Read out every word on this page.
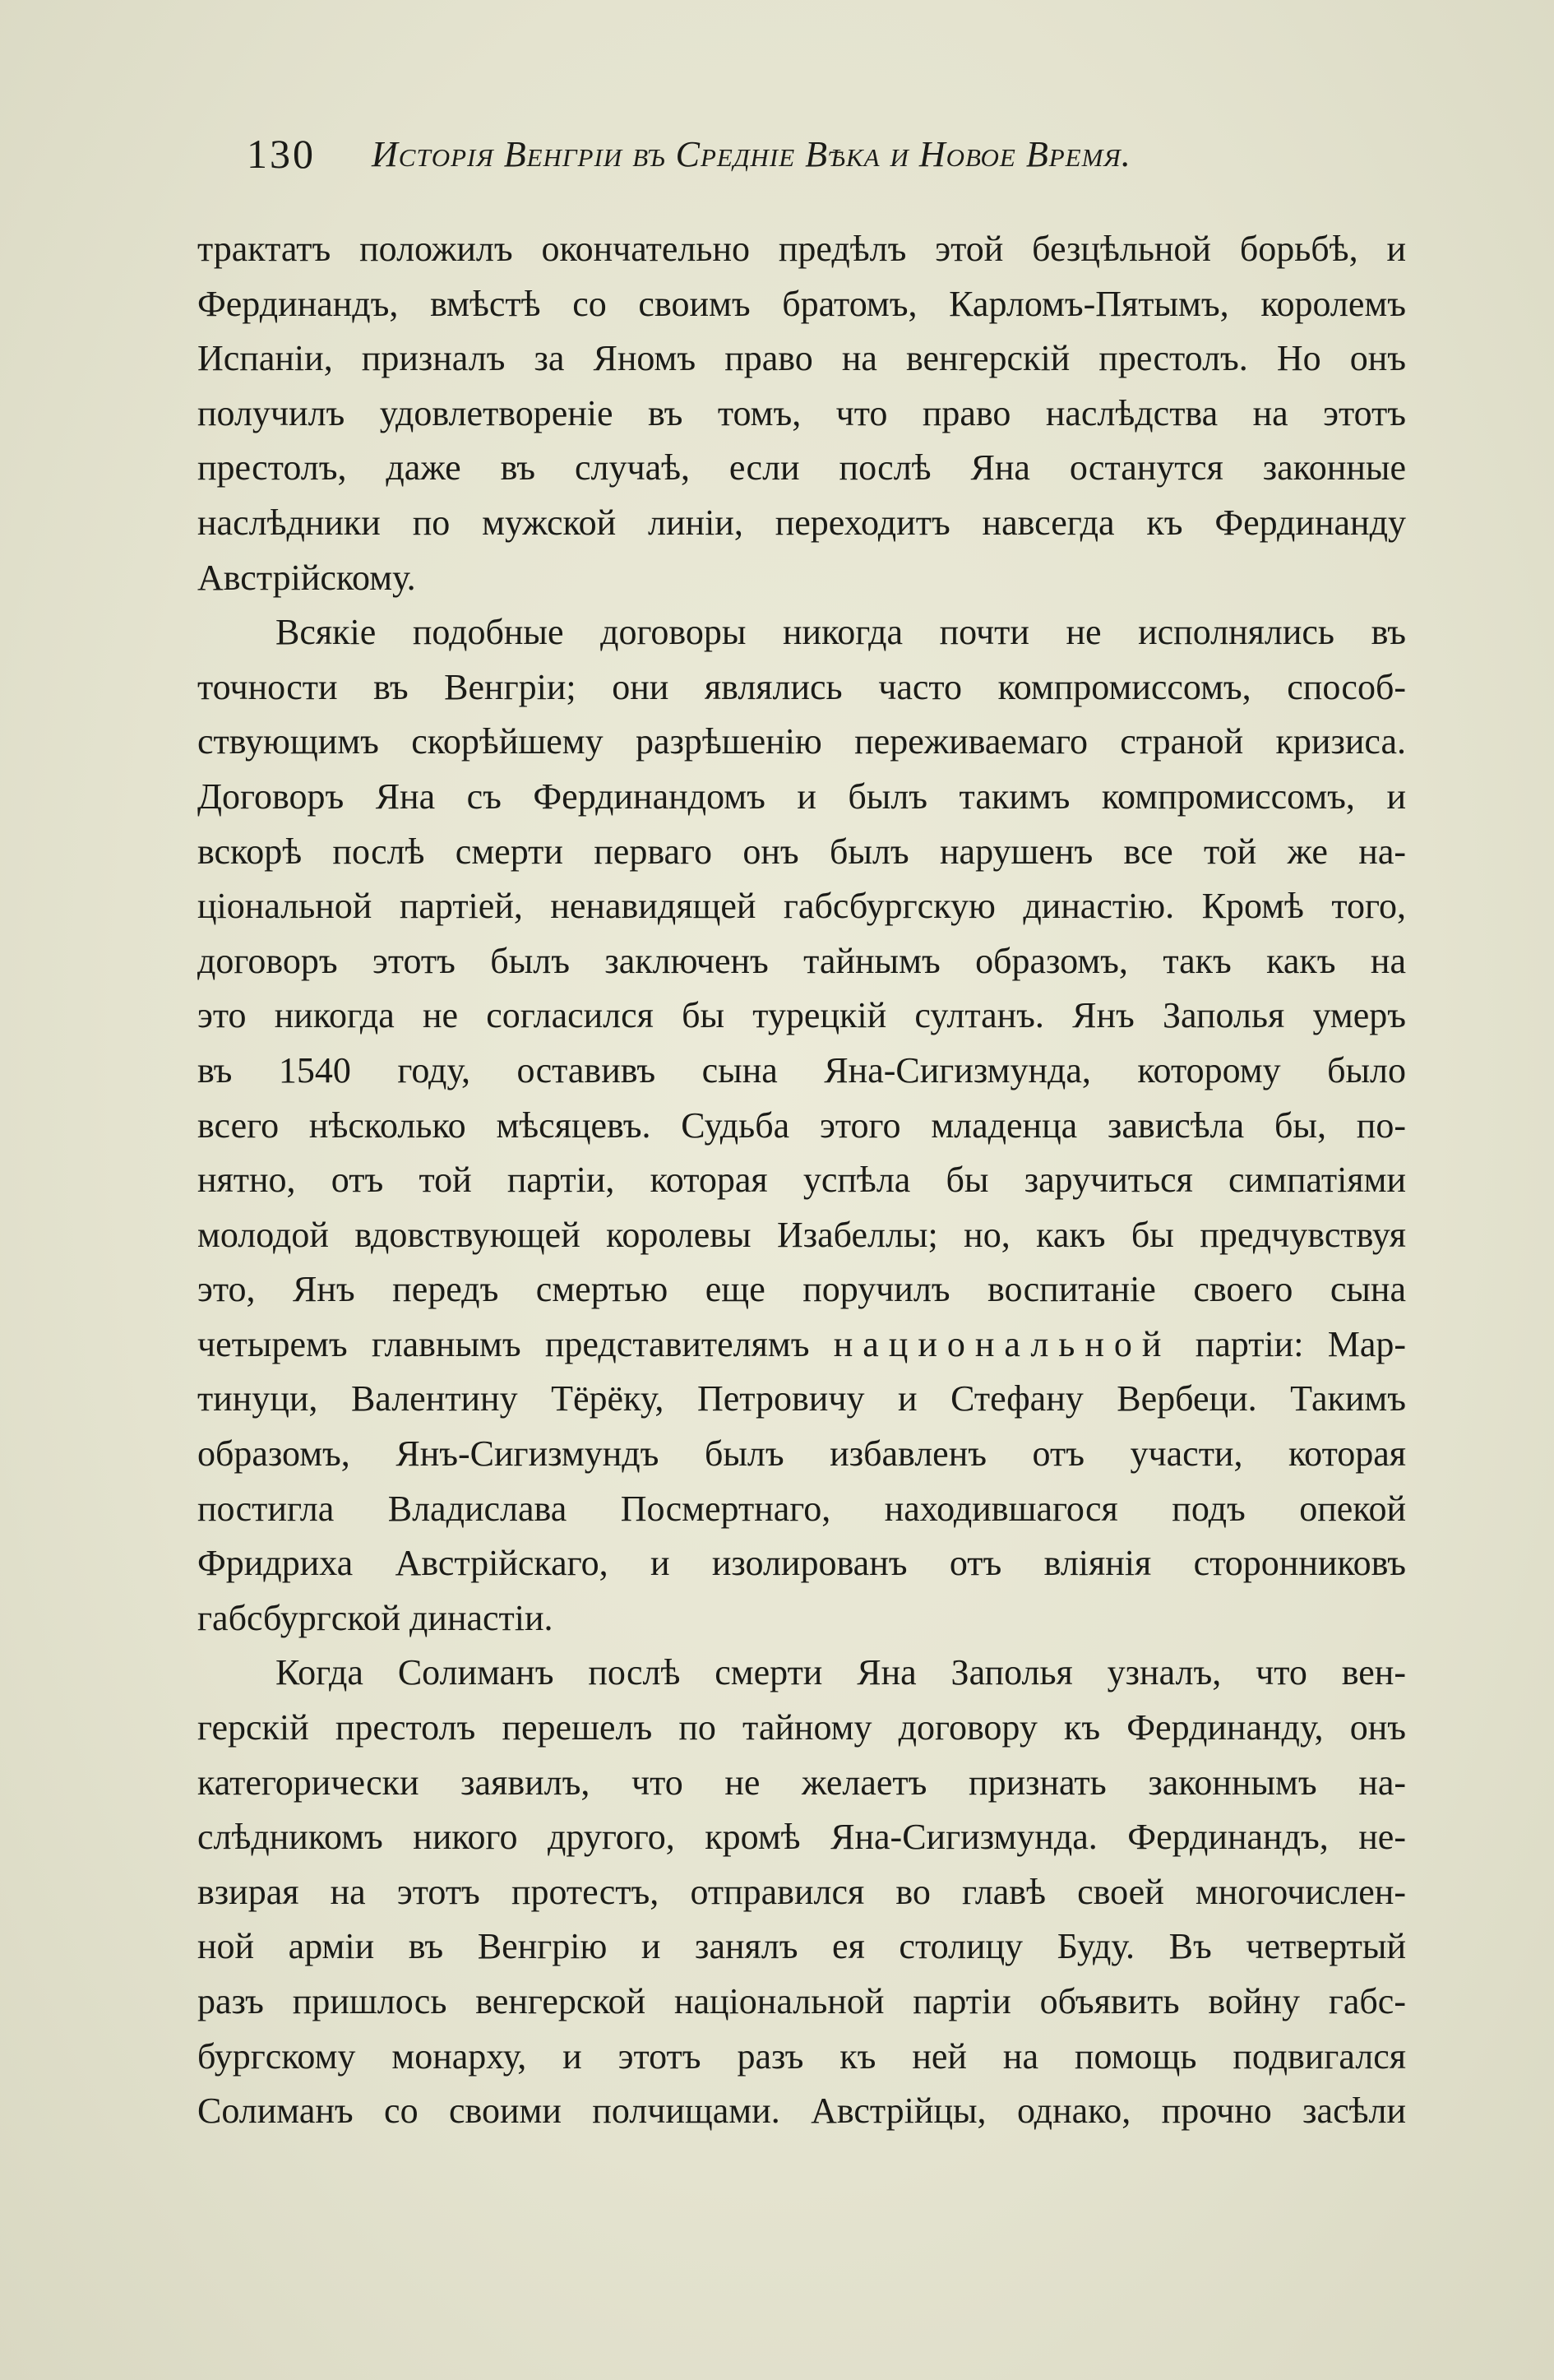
130 Исторія Венгріи въ Средніе Вѣка и Новое Время.
трактатъ положилъ окончательно предѣлъ этой безцѣльной борьбѣ, и
Фердинандъ, вмѣстѣ со своимъ братомъ, Карломъ-Пятымъ, королемъ
Испаніи, призналъ за Яномъ право на венгерскій престолъ. Но онъ
получилъ удовлетвореніе въ томъ, что право наслѣдства на этотъ
престолъ, даже въ случаѣ, если послѣ Яна останутся законные
наслѣдники по мужской линіи, переходитъ навсегда къ Фердинанду
Австрійскому.
Всякіе подобные договоры никогда почти не исполнялись въ
точности въ Венгріи; они являлись часто компромиссомъ, способ-
ствующимъ скорѣйшему разрѣшенію переживаемаго страной кризиса.
Договоръ Яна съ Фердинандомъ и былъ такимъ компромиссомъ, и
вскорѣ послѣ смерти перваго онъ былъ нарушенъ все той же на-
ціональной партіей, ненавидящей габсбургскую династію. Кромѣ того,
договоръ этотъ былъ заключенъ тайнымъ образомъ, такъ какъ на
это никогда не согласился бы турецкій султанъ. Янъ Заполья умеръ
въ 1540 году, оставивъ сына Яна-Сигизмунда, которому было
всего нѣсколько мѣсяцевъ. Судьба этого младенца зависѣла бы, по-
нятно, отъ той партіи, которая успѣла бы заручиться симпатіями
молодой вдовствующей королевы Изабеллы; но, какъ бы предчувствуя
это, Янъ передъ смертью еще поручилъ воспитаніе своего сына
четыремъ главнымъ представителямъ национальной партіи: Мар-
тинуци, Валентину Тёрёку, Петровичу и Стефану Вербеци. Такимъ
образомъ, Янъ-Сигизмундъ былъ избавленъ отъ участи, которая
постигла Владислава Посмертнаго, находившагося подъ опекой
Фридриха Австрійскаго, и изолированъ отъ вліянія сторонниковъ
габсбургской династіи.
Когда Солиманъ послѣ смерти Яна Заполья узналъ, что вен-
герскій престолъ перешелъ по тайному договору къ Фердинанду, онъ
категорически заявилъ, что не желаетъ признать законнымъ на-
слѣдникомъ никого другого, кромѣ Яна-Сигизмунда. Фердинандъ, не-
взирая на этотъ протестъ, отправился во главѣ своей многочислен-
ной арміи въ Венгрію и занялъ ея столицу Буду. Въ четвертый
разъ пришлось венгерской національной партіи объявить войну габс-
бургскому монарху, и этотъ разъ къ ней на помощь подвигался
Солиманъ со своими полчищами. Австрійцы, однако, прочно засѣли
